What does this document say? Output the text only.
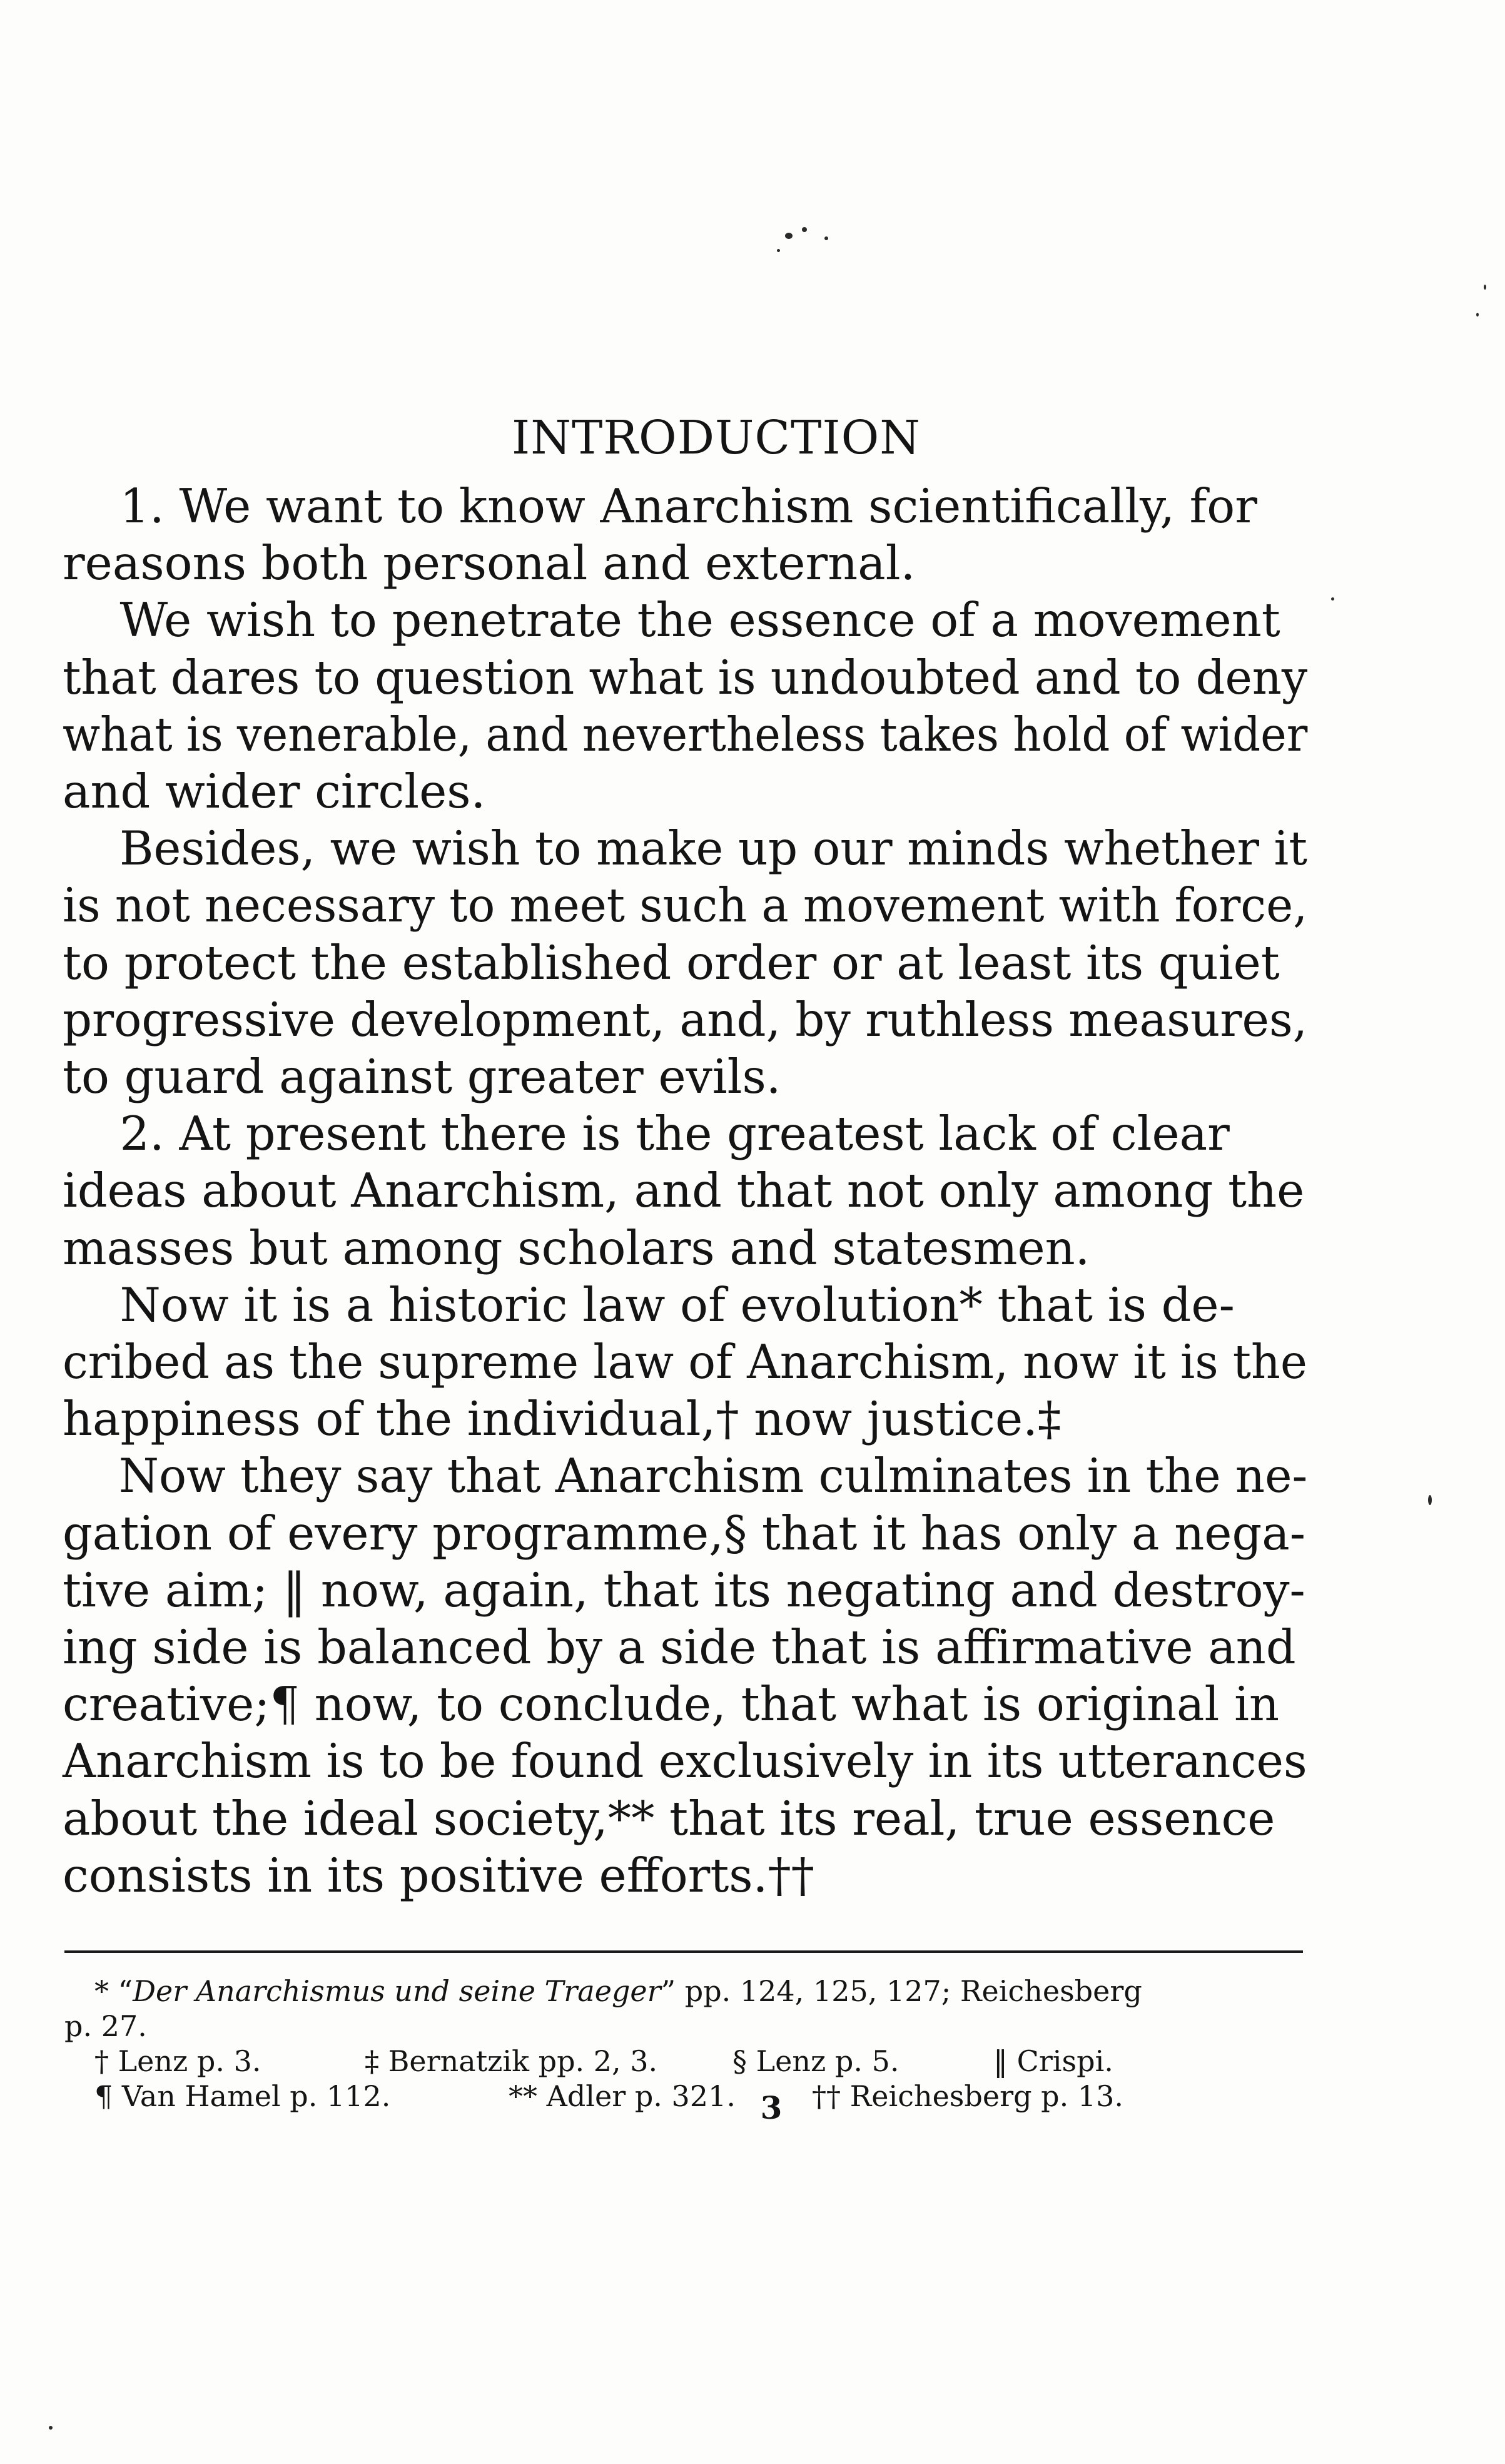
INTRODUCTION
1. We want to know Anarchism scientifically, for
reasons both personal and external.
We wish to penetrate the essence of a movement
that dares to question what is undoubted and to deny
what is venerable, and nevertheless takes hold of wider
and wider circles.
Besides, we wish to make up our minds whether it
is not necessary to meet such a movement with force,
to protect the established order or at least its quiet
progressive development, and, by ruthless measures,
to guard against greater evils.
2. At present there is the greatest lack of clear
ideas about Anarchism, and that not only among the
masses but among scholars and statesmen.
Now it is a historic law of evolution* that is de-
cribed as the supreme law of Anarchism, now it is the
happiness of the individual,† now justice.‡
Now they say that Anarchism culminates in the ne-
gation of every programme,§ that it has only a nega-
tive aim; ‖ now, again, that its negating and destroy-
ing side is balanced by a side that is affirmative and
creative;¶ now, to conclude, that what is original in
Anarchism is to be found exclusively in its utterances
about the ideal society,** that its real, true essence
consists in its positive efforts.††
* “Der Anarchismus und seine Traeger” pp. 124, 125, 127; Reichesberg
p. 27.
† Lenz p. 3.	‡ Bernatzik pp. 2, 3.	§ Lenz p. 5.	‖ Crispi.
¶ Van Hamel p. 112.	** Adler p. 321.	†† Reichesberg p. 13.
3
